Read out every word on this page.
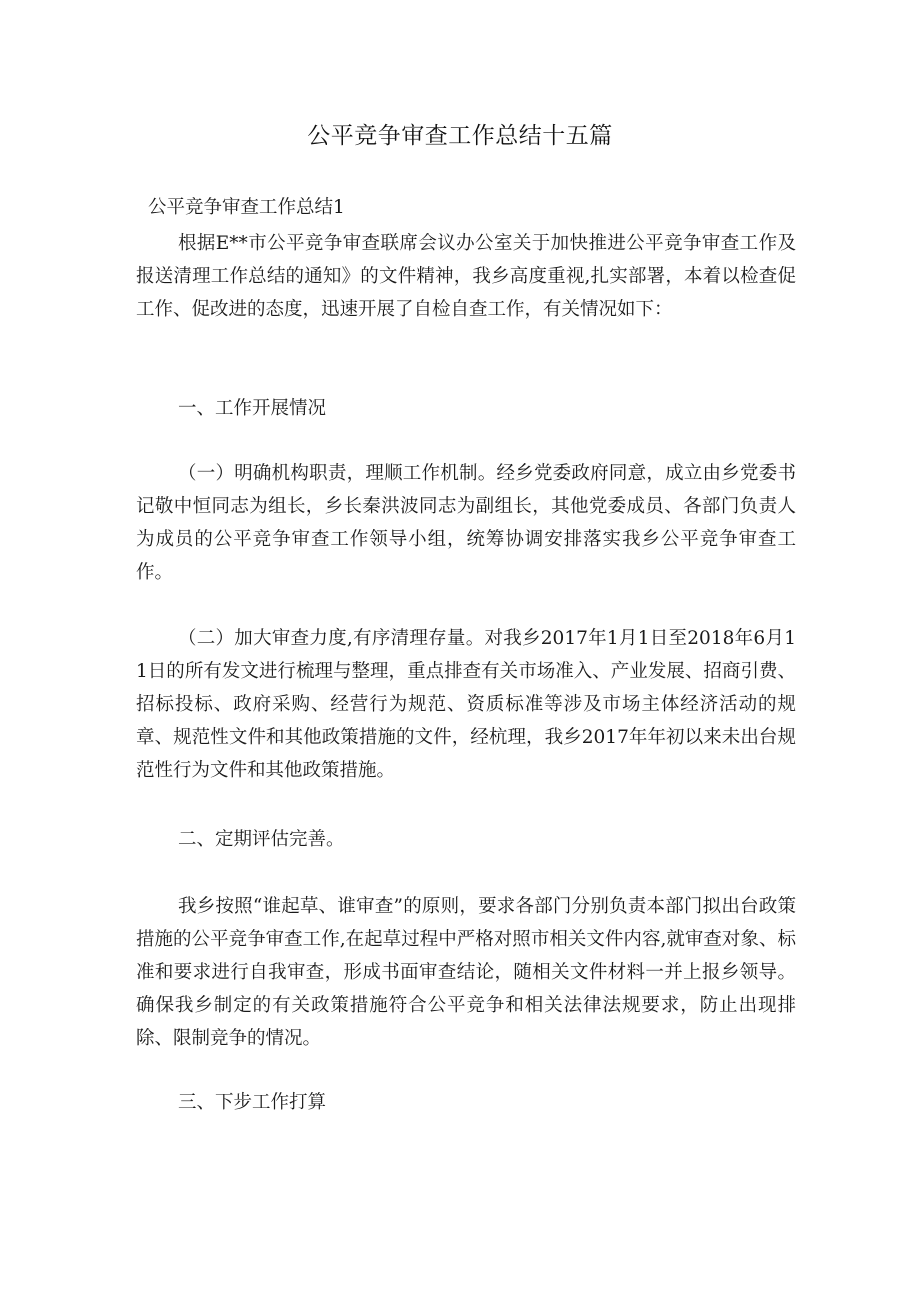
公平竞争审查工作总结十五篇
公平竞争审查工作总结1

根据E**市公平竞争审查联席会议办公室关于加快推进公平竞争审查工作及报送清理工作总结的通知》的文件精神，我乡高度重视,扎实部署，本着以检查促工作、促改进的态度，迅速开展了自检自查工作，有关情况如下：

一、工作开展情况

（一）明确机构职责，理顺工作机制。经乡党委政府同意，成立由乡党委书记敬中恒同志为组长，乡长秦洪波同志为副组长，其他党委成员、各部门负责人为成员的公平竞争审查工作领导小组，统筹协调安排落实我乡公平竞争审查工作。

（二）加大审查力度,有序清理存量。对我乡2017年1月1日至2018年6月11日的所有发文进行梳理与整理，重点排查有关市场准入、产业发展、招商引费、招标投标、政府采购、经营行为规范、资质标准等涉及市场主体经济活动的规章、规范性文件和其他政策措施的文件，经杭理，我乡2017年年初以来未出台规范性行为文件和其他政策措施。

二、定期评估完善。

我乡按照“谁起草、谁审查”的原则，要求各部门分别负责本部门拟出台政策措施的公平竞争审查工作,在起草过程中严格对照市相关文件内容,就审查对象、标准和要求进行自我审查，形成书面审查结论，随相关文件材料一并上报乡领导。确保我乡制定的有关政策措施符合公平竞争和相关法律法规要求，防止出现排除、限制竞争的情况。

三、下步工作打算
